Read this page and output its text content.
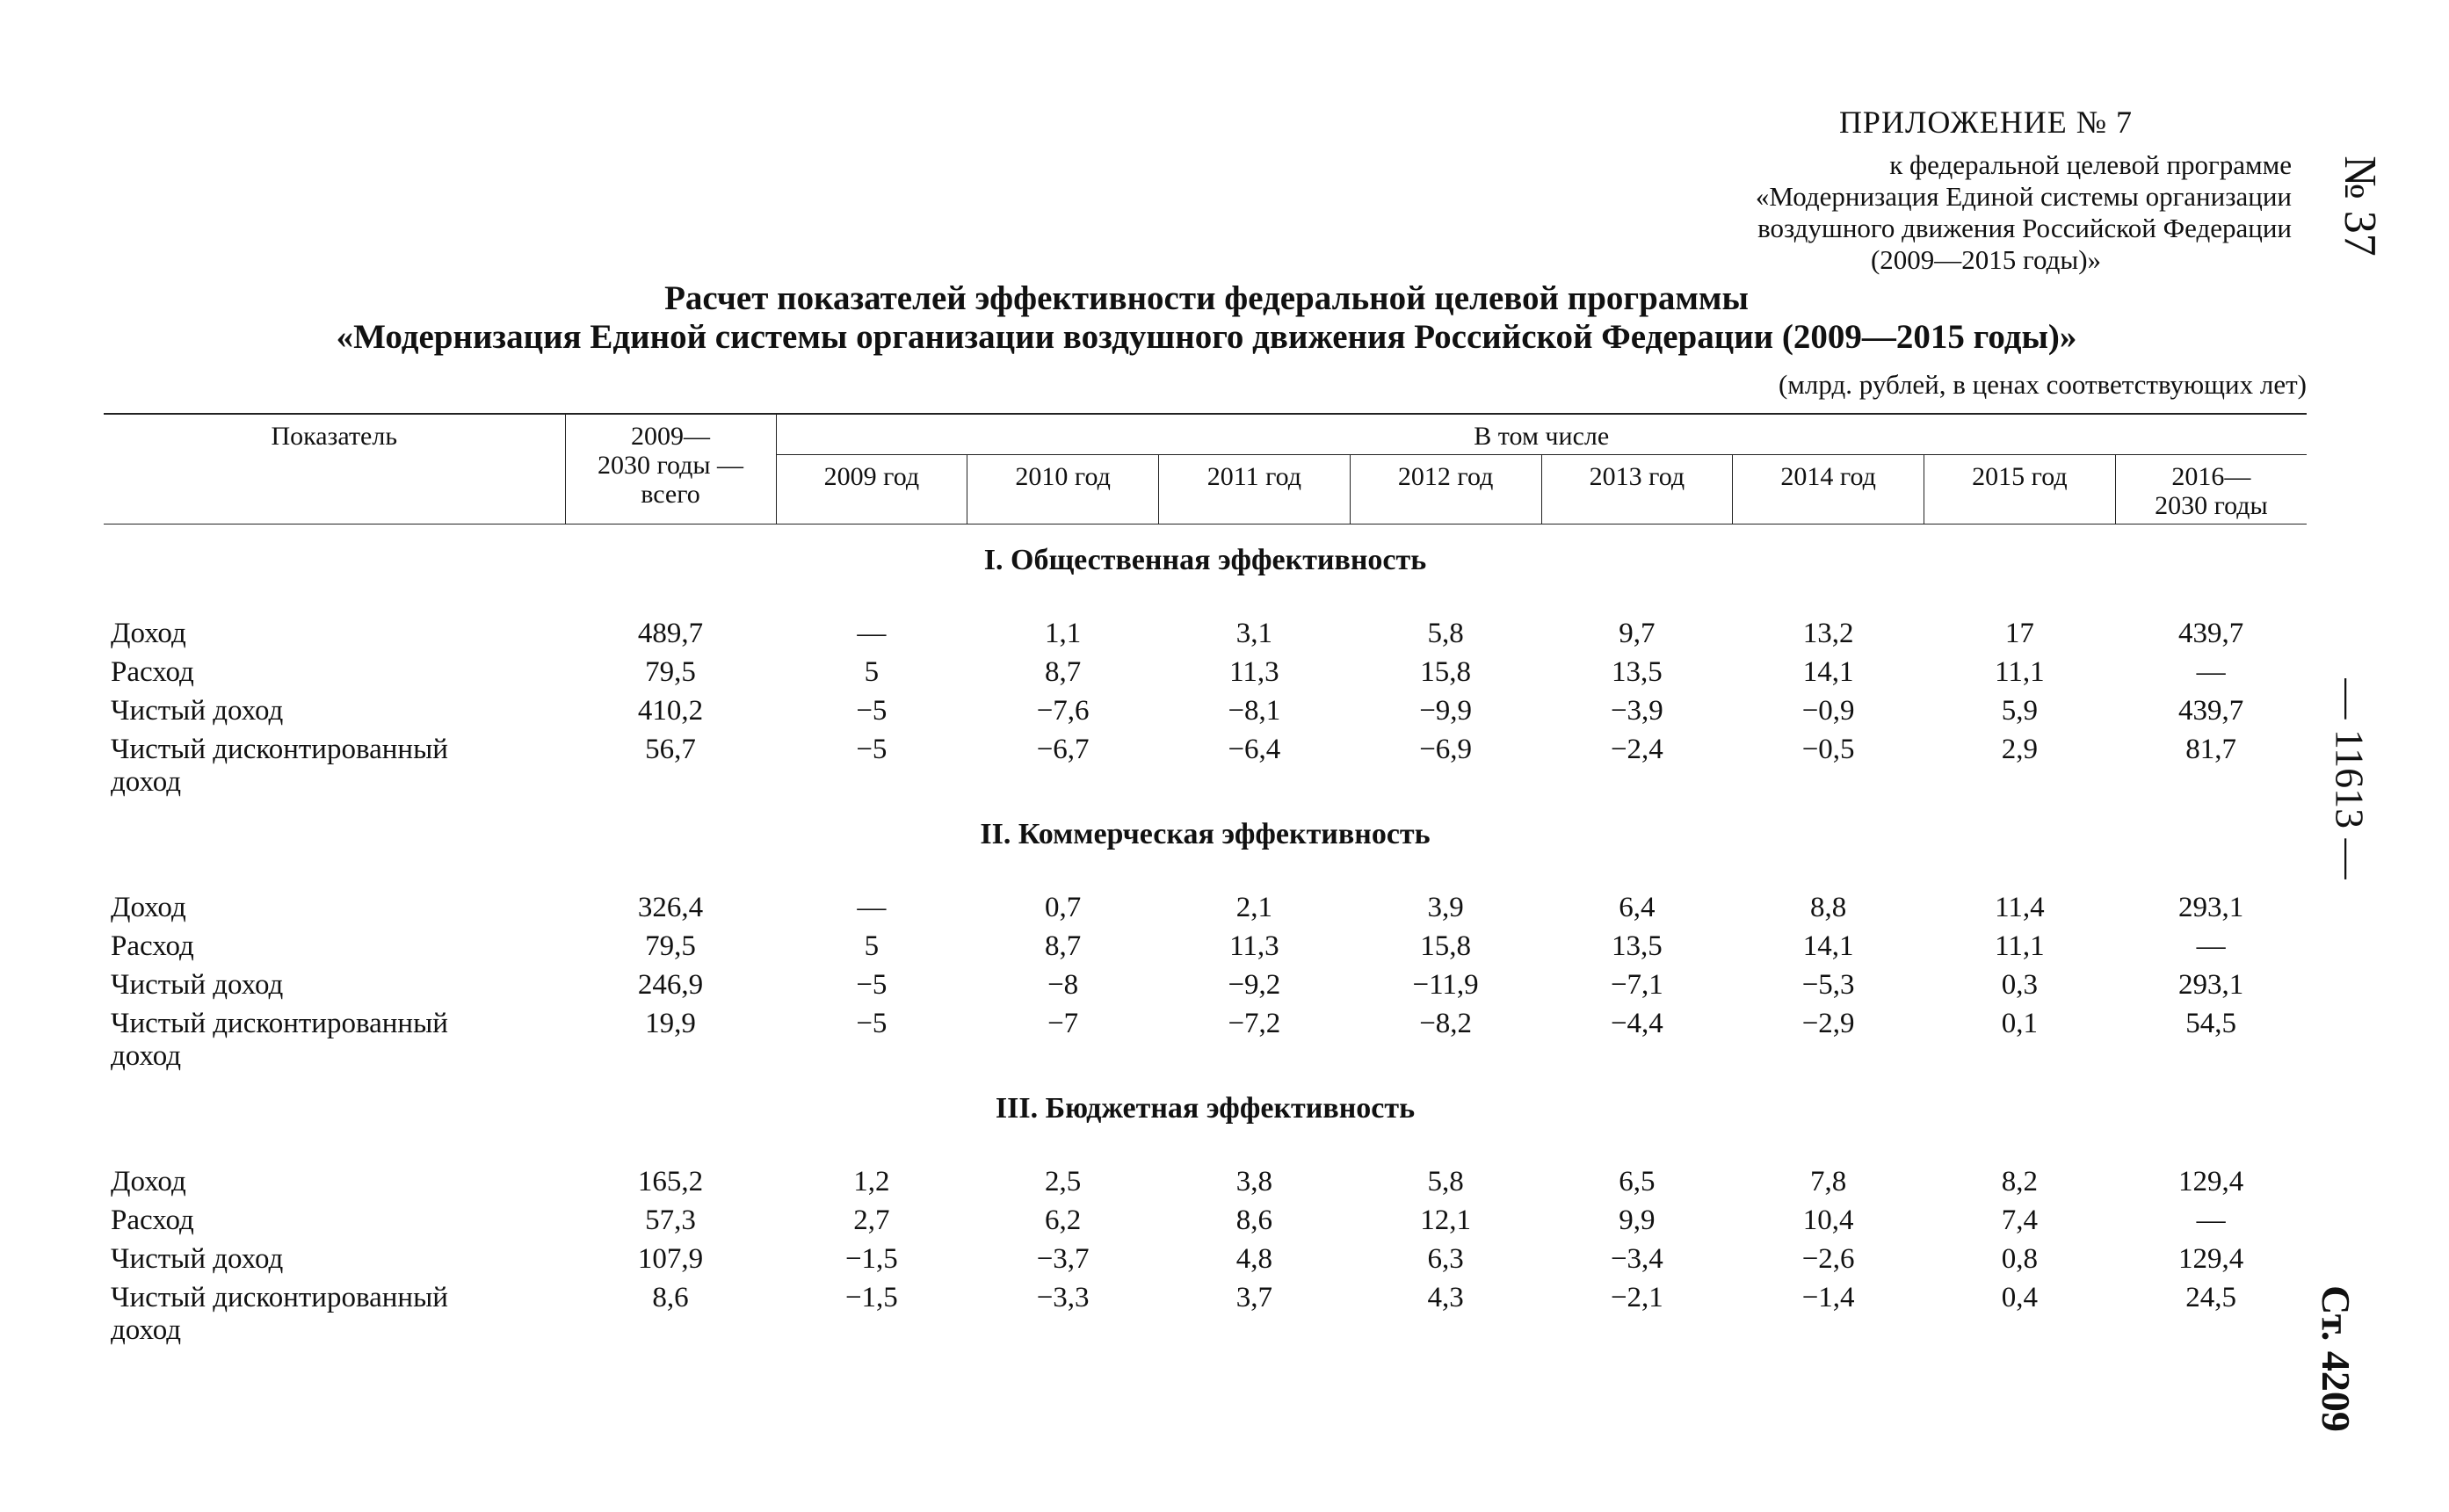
ПРИЛОЖЕНИЕ № 7
к федеральной целевой программе
«Модернизация Единой системы организации
воздушного движения Российской Федерации
(2009—2015 годы)»
№ 37
— 11613 —
Ст. 4209
Расчет показателей эффективности федеральной целевой программы
«Модернизация Единой системы организации воздушного движения Российской Федерации (2009—2015 годы)»
(млрд. рублей, в ценах соответствующих лет)
Показатель	2009—
2030 годы —
всего	В том числе							
		2009 год	2010 год	2011 год	2012 год	2013 год	2014 год	2015 год	2016—
2030 годы
I. Общественная эффективность									

Доход	489,7	—	1,1	3,1	5,8	9,7	13,2	17	439,7
Расход	79,5	5	8,7	11,3	15,8	13,5	14,1	11,1	—
Чистый доход	410,2	−5	−7,6	−8,1	−9,9	−3,9	−0,9	5,9	439,7
Чистый дисконтированный
доход	56,7	−5	−6,7	−6,4	−6,9	−2,4	−0,5	2,9	81,7
II. Коммерческая эффективность									

Доход	326,4	—	0,7	2,1	3,9	6,4	8,8	11,4	293,1
Расход	79,5	5	8,7	11,3	15,8	13,5	14,1	11,1	—
Чистый доход	246,9	−5	−8	−9,2	−11,9	−7,1	−5,3	0,3	293,1
Чистый дисконтированный
доход	19,9	−5	−7	−7,2	−8,2	−4,4	−2,9	0,1	54,5
III. Бюджетная эффективность									

Доход	165,2	1,2	2,5	3,8	5,8	6,5	7,8	8,2	129,4
Расход	57,3	2,7	6,2	8,6	12,1	9,9	10,4	7,4	—
Чистый доход	107,9	−1,5	−3,7	4,8	6,3	−3,4	−2,6	0,8	129,4
Чистый дисконтированный
доход	8,6	−1,5	−3,3	3,7	4,3	−2,1	−1,4	0,4	24,5
